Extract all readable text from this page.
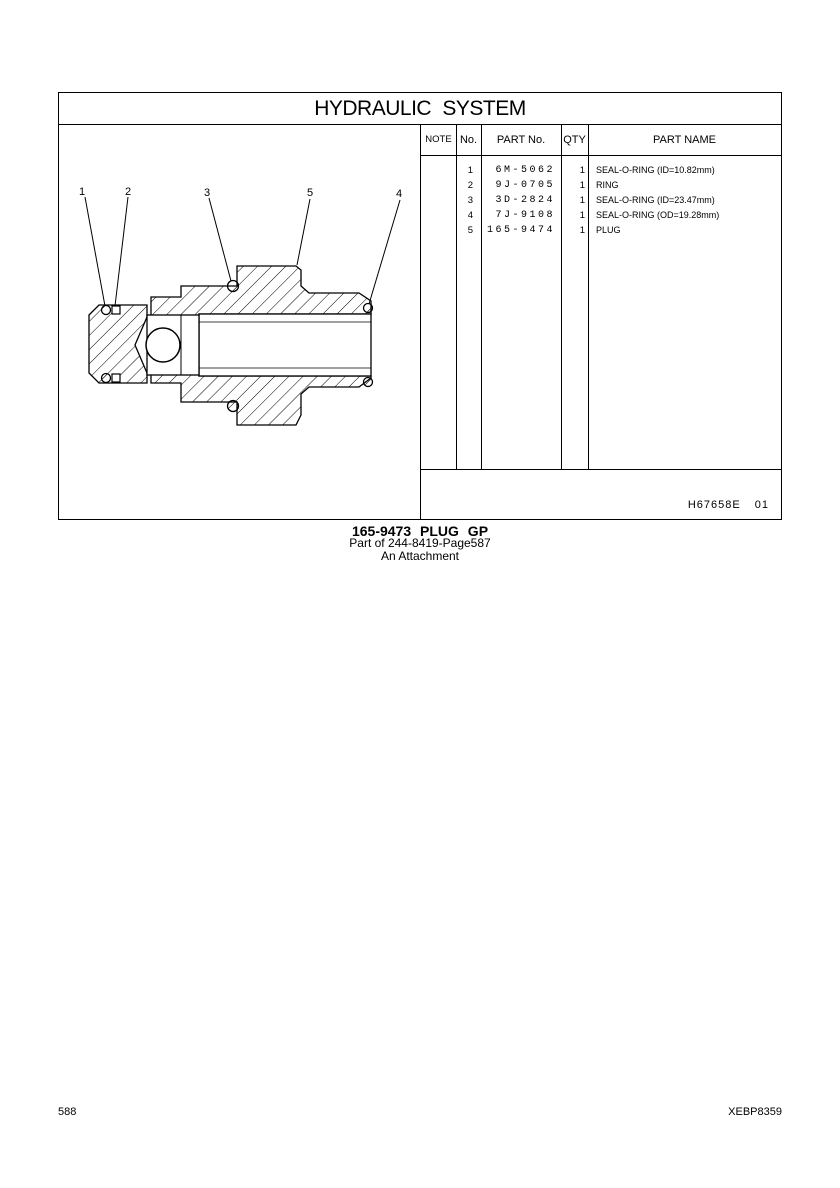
HYDRAULIC SYSTEM
1	2	3	5	4
NOTE No.	PART No.	QTY	PART NAME
1	6M-5062	1 SEAL-O-RING (ID=10.82mm)
2	9J-0705	1 RING
3	3D-2824	1 SEAL-O-RING (ID=23.47mm)
4	7J-9108	1 SEAL-O-RING (OD=19.28mm)
5 165-9474	1 PLUG
H67658E 01
165-9473 PLUG GP
Part of 244-8419-Page587
An Attachment
588	XEBP8359
